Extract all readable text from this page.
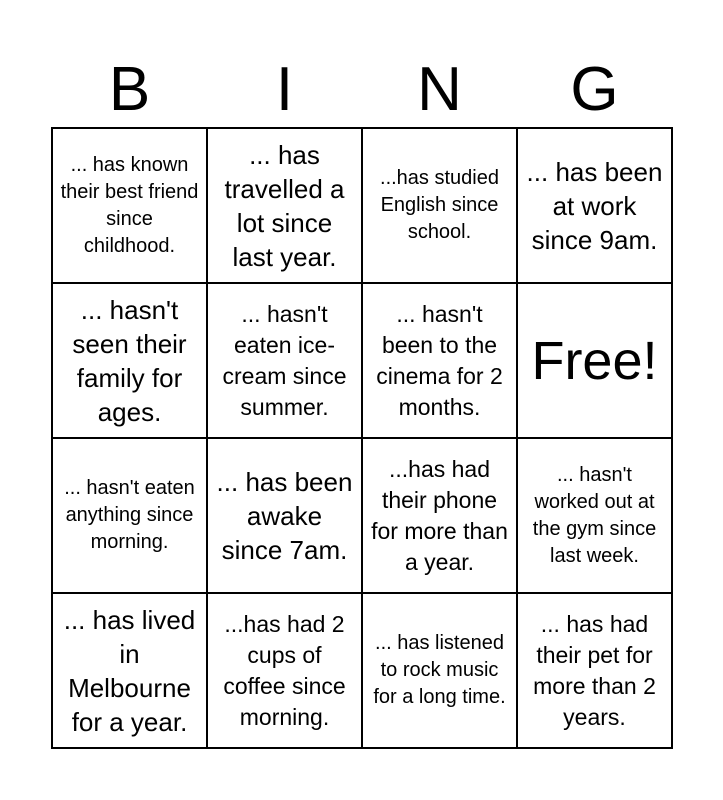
B	I	N	G
... has known their best friend since childhood.
... has travelled a lot since last year.
...has studied English since school.
... has been at work since 9am.
... hasn't seen their family for ages.
... hasn't eaten ice-cream since summer.
... hasn't been to the cinema for 2 months.
Free!
... hasn't eaten anything since morning.
... has been awake since 7am.
...has had their phone for more than a year.
... hasn't worked out at the gym since last week.
... has lived in Melbourne for a year.
...has had 2 cups of coffee since morning.
... has listened to rock music for a long time.
... has had their pet for more than 2 years.
